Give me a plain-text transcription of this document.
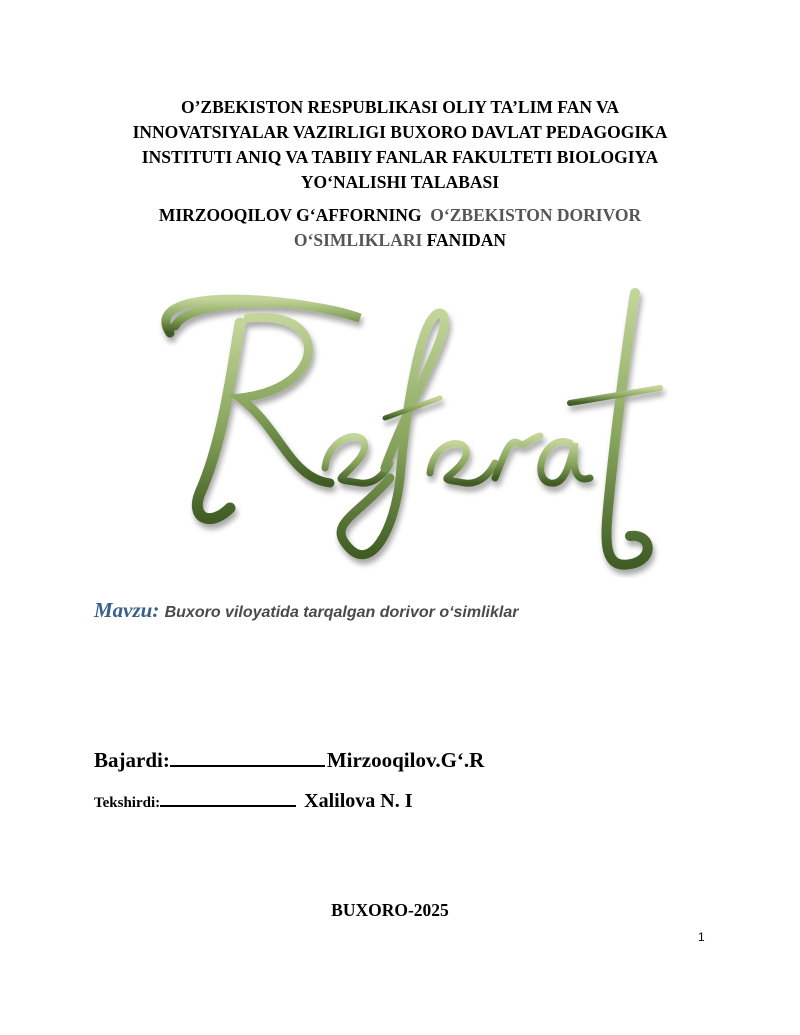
O’ZBEKISTON RESPUBLIKASI OLIY TA’LIM FAN VA
INNOVATSIYALAR VAZIRLIGI BUXORO DAVLAT PEDAGOGIKA
INSTITUTI ANIQ VA TABIIY FANLAR FAKULTETI BIOLOGIYA
YO‘NALISHI TALABASI
MIRZOOQILOV G‘AFFORNING O‘ZBEKISTON DORIVOR
O‘SIMLIKLARI FANIDAN
Mavzu: Buxoro viloyatida tarqalgan dorivor o‘simliklar
Bajardi:	Mirzooqilov.G‘.R
Tekshirdi:	Xalilova N. I
BUXORO-2025
1
